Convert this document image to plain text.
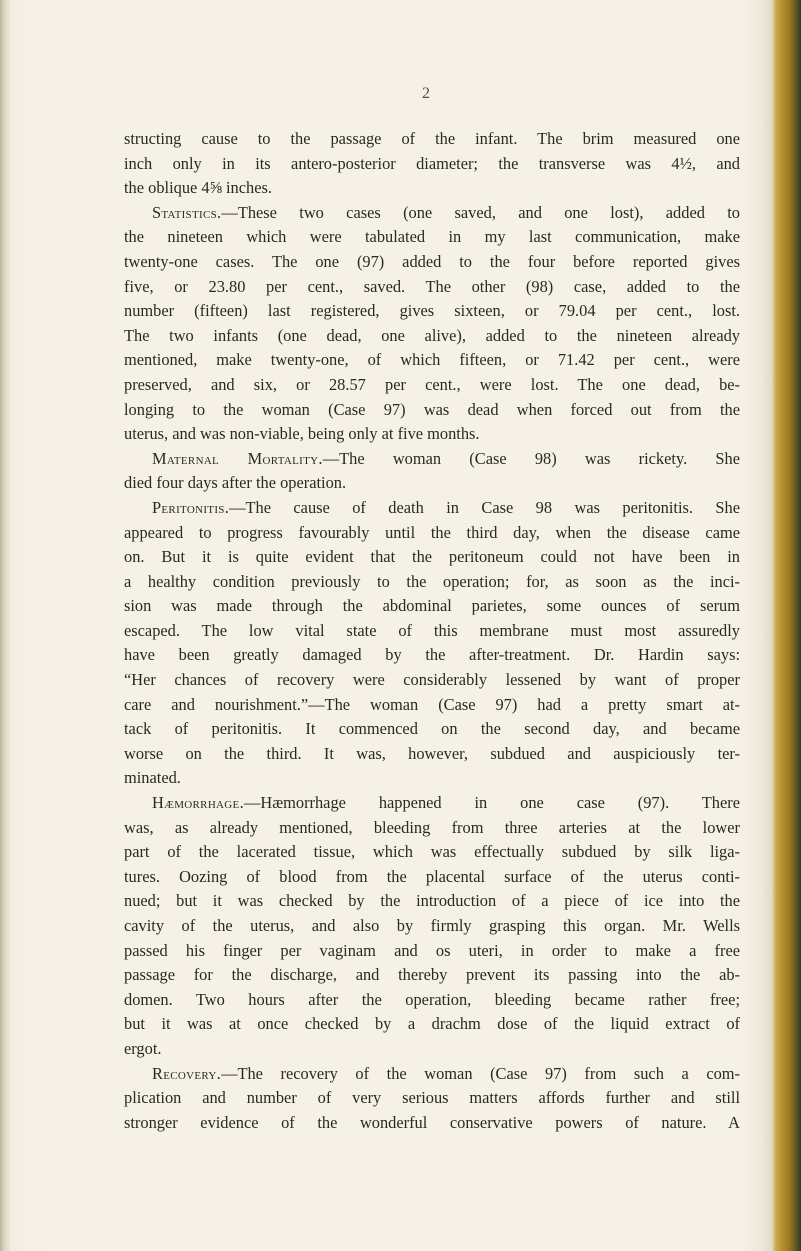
2
structing cause to the passage of the infant. The brim measured one
inch only in its antero-posterior diameter; the transverse was 4½, and
the oblique 4⅝ inches.
Statistics.—These two cases (one saved, and one lost), added to
the nineteen which were tabulated in my last communication, make
twenty-one cases. The one (97) added to the four before reported gives
five, or 23.80 per cent., saved. The other (98) case, added to the
number (fifteen) last registered, gives sixteen, or 79.04 per cent., lost.
The two infants (one dead, one alive), added to the nineteen already
mentioned, make twenty-one, of which fifteen, or 71.42 per cent., were
preserved, and six, or 28.57 per cent., were lost. The one dead, be-
longing to the woman (Case 97) was dead when forced out from the
uterus, and was non-viable, being only at five months.
Maternal Mortality.—The woman (Case 98) was rickety. She
died four days after the operation.
Peritonitis.—The cause of death in Case 98 was peritonitis. She
appeared to progress favourably until the third day, when the disease came
on. But it is quite evident that the peritoneum could not have been in
a healthy condition previously to the operation; for, as soon as the inci-
sion was made through the abdominal parietes, some ounces of serum
escaped. The low vital state of this membrane must most assuredly
have been greatly damaged by the after-treatment. Dr. Hardin says:
“Her chances of recovery were considerably lessened by want of proper
care and nourishment.”—The woman (Case 97) had a pretty smart at-
tack of peritonitis. It commenced on the second day, and became
worse on the third. It was, however, subdued and auspiciously ter-
minated.
Hæmorrhage.—Hæmorrhage happened in one case (97). There
was, as already mentioned, bleeding from three arteries at the lower
part of the lacerated tissue, which was effectually subdued by silk liga-
tures. Oozing of blood from the placental surface of the uterus conti-
nued; but it was checked by the introduction of a piece of ice into the
cavity of the uterus, and also by firmly grasping this organ. Mr. Wells
passed his finger per vaginam and os uteri, in order to make a free
passage for the discharge, and thereby prevent its passing into the ab-
domen. Two hours after the operation, bleeding became rather free;
but it was at once checked by a drachm dose of the liquid extract of
ergot.
Recovery.—The recovery of the woman (Case 97) from such a com-
plication and number of very serious matters affords further and still
stronger evidence of the wonderful conservative powers of nature. A
